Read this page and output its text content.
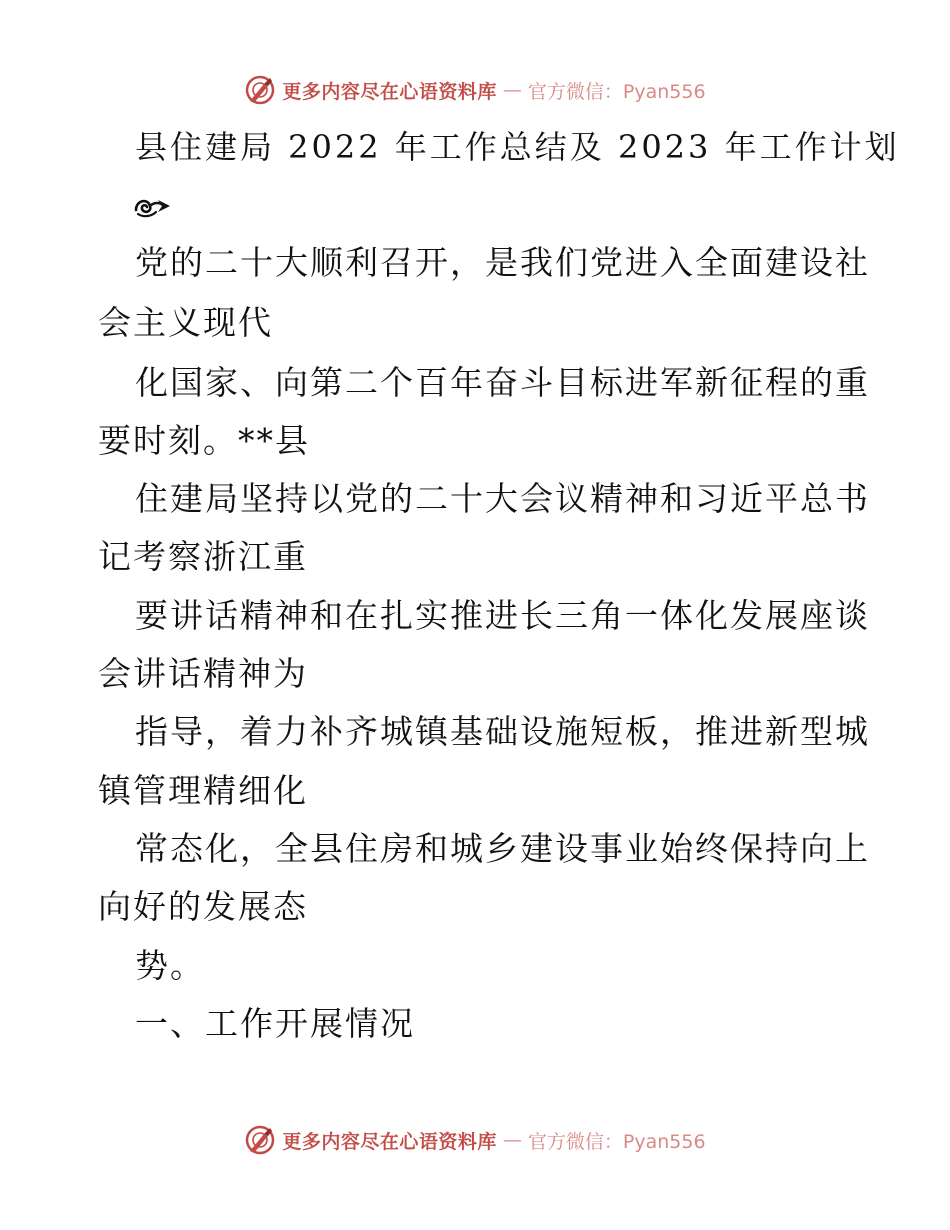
更多内容尽在心语资料库 — 官方微信：Pyan556
县住建局 2022 年工作总结及 2023 年工作计划
党的二十大顺利召开，是我们党进入全面建设社
会主义现代
化国家、向第二个百年奋斗目标进军新征程的重
要时刻。**县
住建局坚持以党的二十大会议精神和习近平总书
记考察浙江重
要讲话精神和在扎实推进长三角一体化发展座谈
会讲话精神为
指导，着力补齐城镇基础设施短板，推进新型城
镇管理精细化
常态化，全县住房和城乡建设事业始终保持向上
向好的发展态
势。
一、工作开展情况
更多内容尽在心语资料库 — 官方微信：Pyan556
